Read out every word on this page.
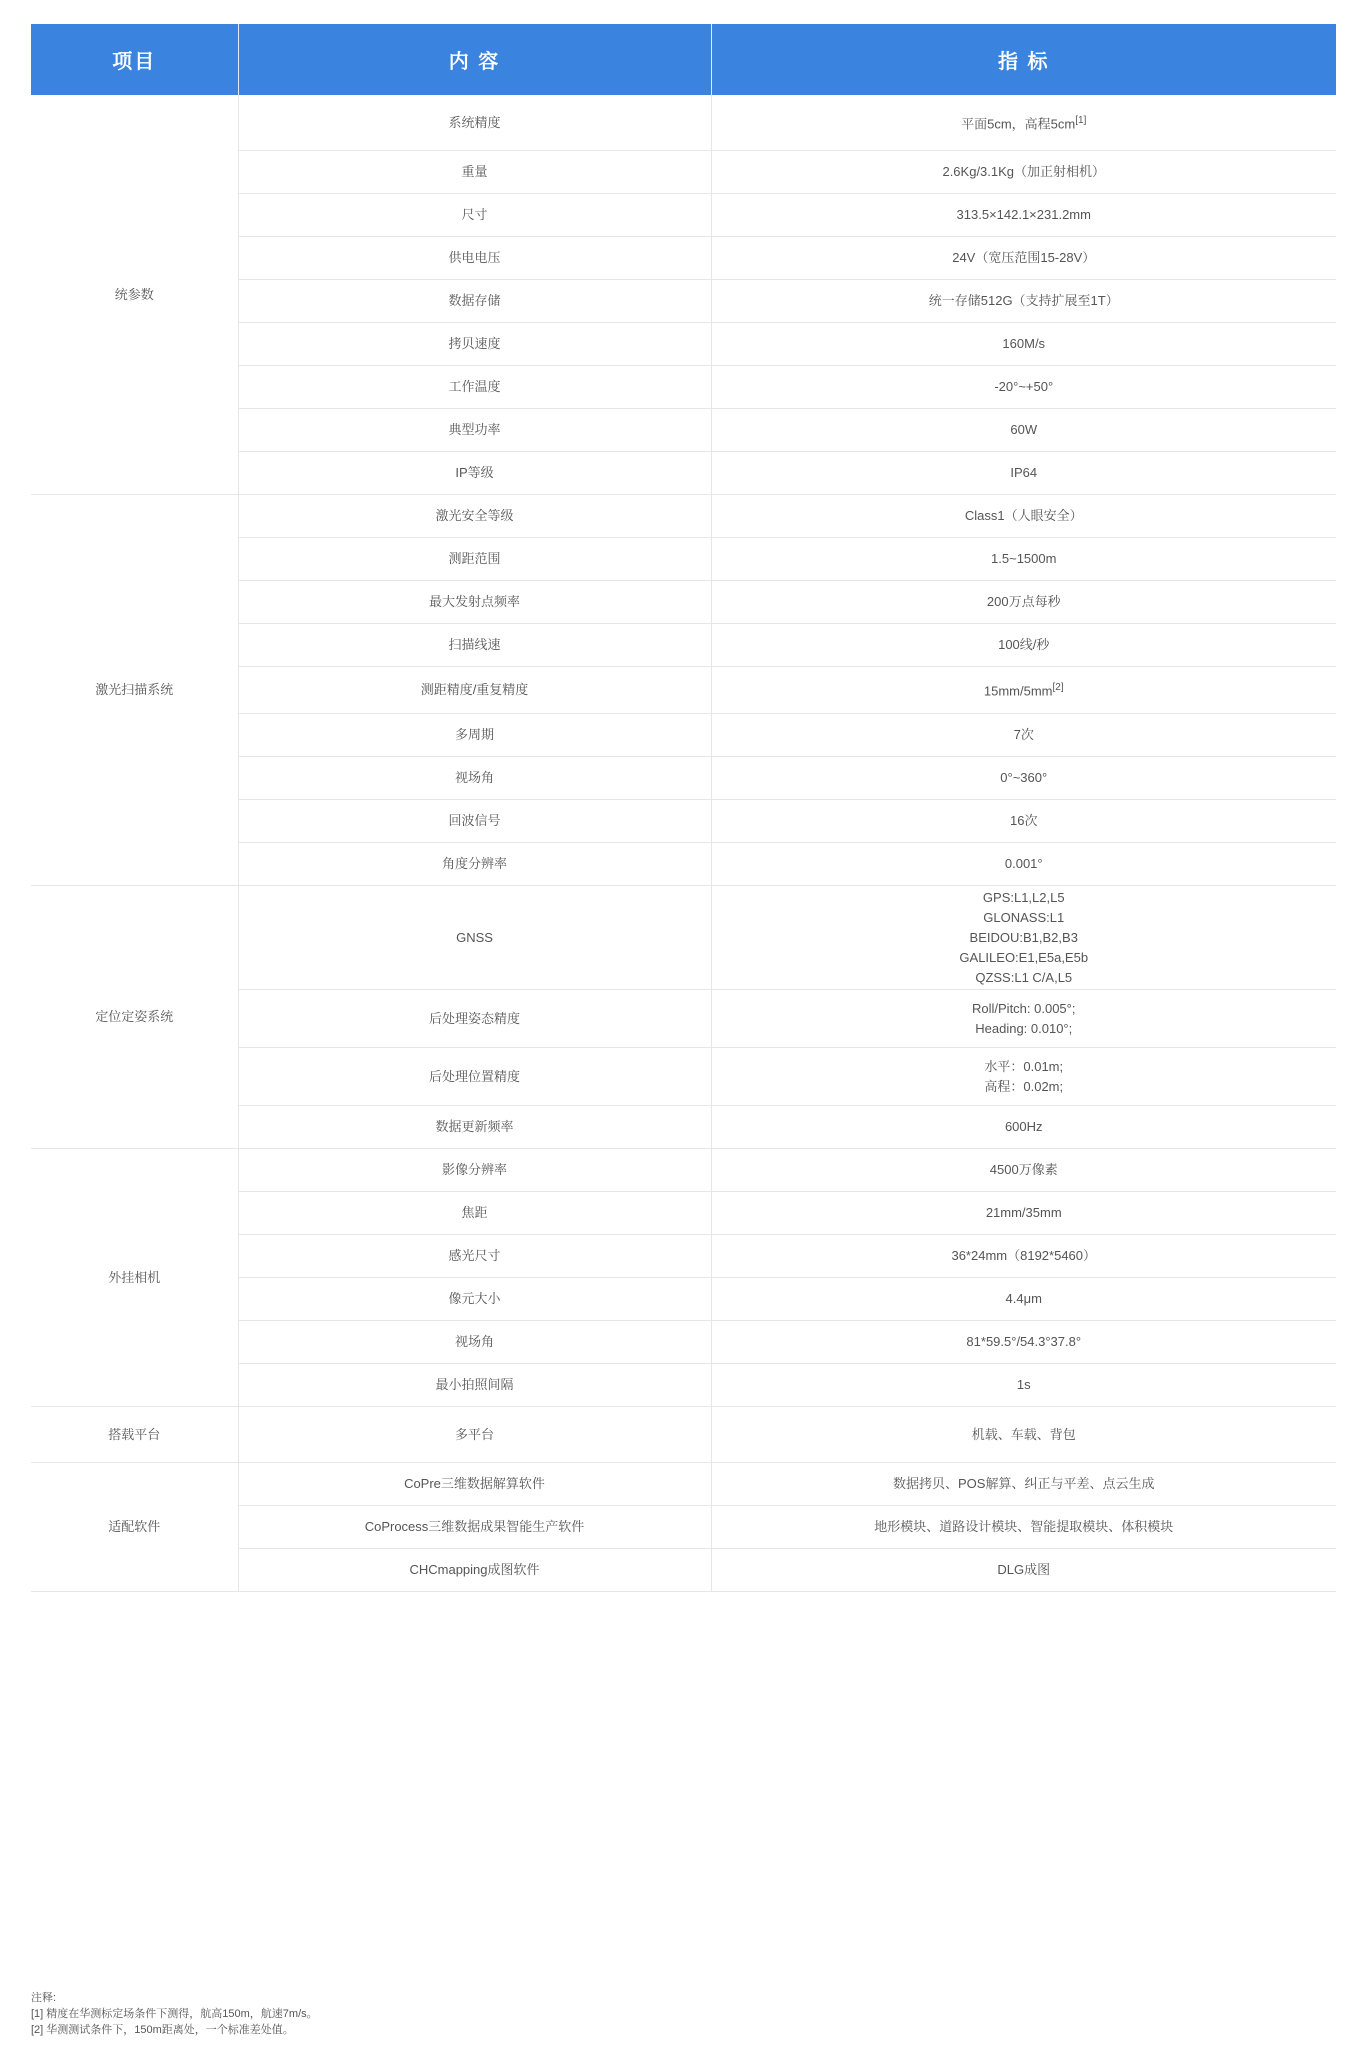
项目	内 容	指 标
统参数	系统精度	平面5cm，高程5cm[1]
	重量	2.6Kg/3.1Kg（加正射相机）
	尺寸	313.5×142.1×231.2mm
	供电电压	24V（宽压范围15-28V）
	数据存储	统一存储512G（支持扩展至1T）
	拷贝速度	160M/s
	工作温度	-20°~+50°
	典型功率	60W
	IP等级	IP64
激光扫描系统	激光安全等级	Class1（人眼安全）
	测距范围	1.5~1500m
	最大发射点频率	200万点每秒
	扫描线速	100线/秒
	测距精度/重复精度	15mm/5mm[2]
	多周期	7次
	视场角	0°~360°
	回波信号	16次
	角度分辨率	0.001°
定位定姿系统	GNSS	GPS:L1,L2,L5
GLONASS:L1
BEIDOU:B1,B2,B3
GALILEO:E1,E5a,E5b
QZSS:L1 C/A,L5

	后处理姿态精度	Roll/Pitch: 0.005°;
Heading: 0.010°;

	后处理位置精度	水平：0.01m;
高程：0.02m;

	数据更新频率	600Hz
外挂相机	影像分辨率	4500万像素
	焦距	21mm/35mm
	感光尺寸	36*24mm（8192*5460）
	像元大小	4.4μm
	视场角	81*59.5°/54.3°37.8°
	最小拍照间隔	1s
搭载平台	多平台	机载、车载、背包
适配软件	CoPre三维数据解算软件	数据拷贝、POS解算、纠正与平差、点云生成
	CoProcess三维数据成果智能生产软件	地形模块、道路设计模块、智能提取模块、体积模块
	CHCmapping成图软件	DLG成图
注释:
[1] 精度在华测标定场条件下测得，航高150m，航速7m/s。
[2] 华测测试条件下，150m距离处，一个标准差处值。
